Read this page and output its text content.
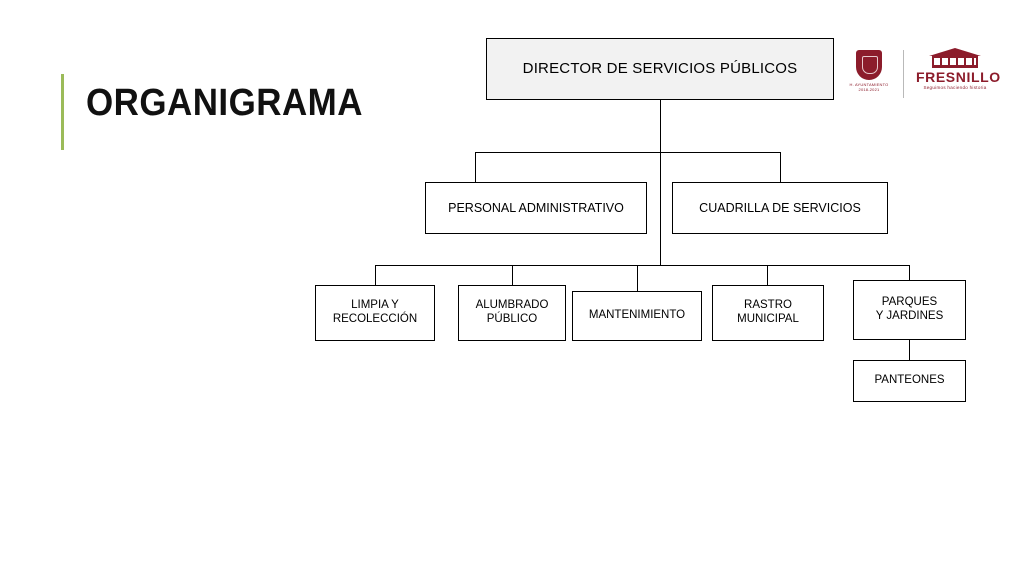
ORGANIGRAMA	H. AYUNTAMIENTO 2018-2021
FRESNILLO
Seguimos haciendo historia
DIRECTOR DE SERVICIOS PÚBLICOS
PERSONAL ADMINISTRATIVO	CUADRILLA DE SERVICIOS
LIMPIA Y
RECOLECCIÓN
ALUMBRADO
PÚBLICO	MANTENIMIENTO
RASTRO
MUNICIPAL
PARQUES
Y JARDINES
PANTEONES
